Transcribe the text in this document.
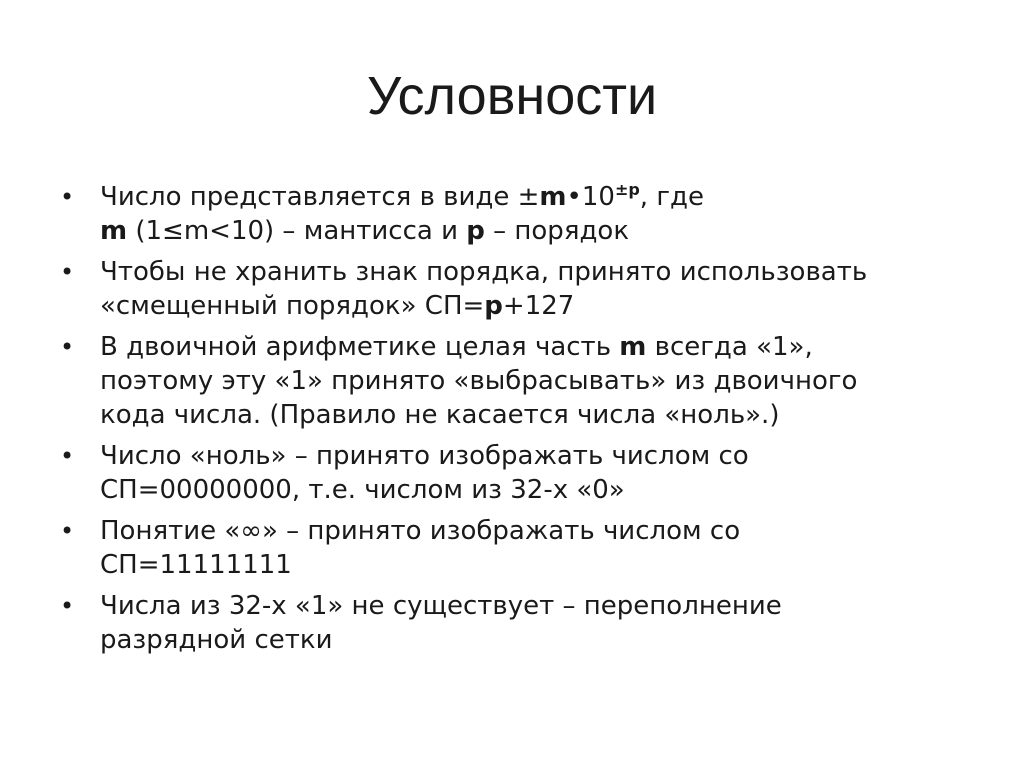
Условности
• Число представляется в виде $\pm m•10^{\pm p}$, где
m (1≤m<10) – мантисса и p – порядок
• Чтобы не хранить знак порядка, принято использовать
«смещенный порядок» СП=p+127
• В двоичной арифметике целая часть m всегда «1»,
поэтому эту «1» принято «выбрасывать» из двоичного
кода числа. (Правило не касается числа «ноль».)
• Число «ноль» – принято изображать числом со
СП=00000000, т.е. числом из 32-х «0»
• Понятие «∞» – принято изображать числом со
СП=11111111
• Числа из 32-х «1» не существует – переполнение
разрядной сетки
